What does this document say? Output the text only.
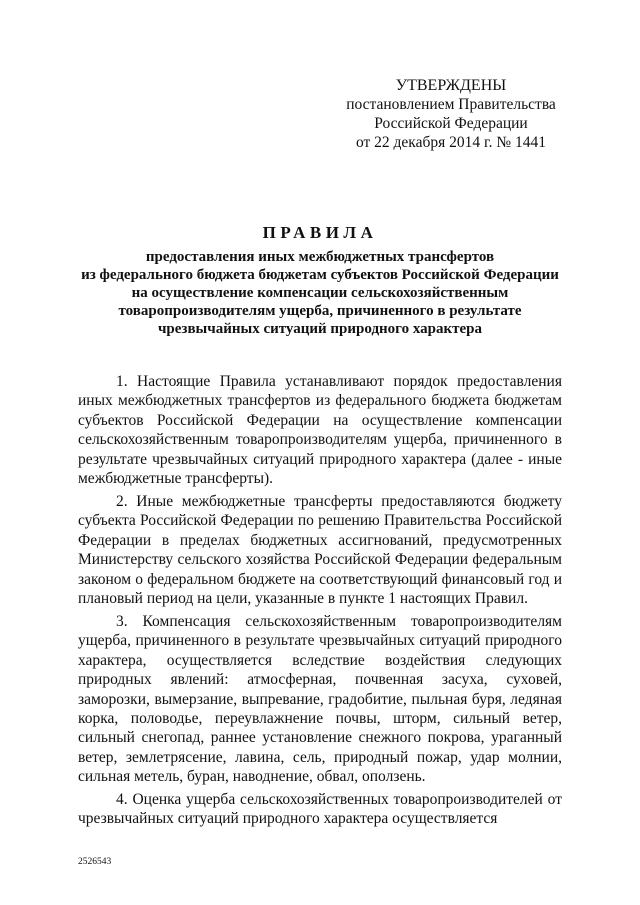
УТВЕРЖДЕНЫ
постановлением Правительства
Российской Федерации
от 22 декабря 2014 г. № 1441
ПРАВИЛА
предоставления иных межбюджетных трансфертов
из федерального бюджета бюджетам субъектов Российской Федерации
на осуществление компенсации сельскохозяйственным
товаропроизводителям ущерба, причиненного в результате
чрезвычайных ситуаций природного характера

1. Настоящие Правила устанавливают порядок предоставления иных межбюджетных трансфертов из федерального бюджета бюджетам субъектов Российской Федерации на осуществление компенсации сельскохозяйственным товаропроизводителям ущерба, причиненного в результате чрезвычайных ситуаций природного характера (далее - иные межбюджетные трансферты).

2. Иные межбюджетные трансферты предоставляются бюджету субъекта Российской Федерации по решению Правительства Российской Федерации в пределах бюджетных ассигнований, предусмотренных Министерству сельского хозяйства Российской Федерации федеральным законом о федеральном бюджете на соответствующий финансовый год и плановый период на цели, указанные в пункте 1 настоящих Правил.

3. Компенсация сельскохозяйственным товаропроизводителям ущерба, причиненного в результате чрезвычайных ситуаций природного характера, осуществляется вследствие воздействия следующих природных явлений: атмосферная, почвенная засуха, суховей, заморозки, вымерзание, выпревание, градобитие, пыльная буря, ледяная корка, половодье, переувлажнение почвы, шторм, сильный ветер, сильный снегопад, раннее установление снежного покрова, ураганный ветер, землетрясение, лавина, сель, природный пожар, удар молнии, сильная метель, буран, наводнение, обвал, оползень.

4. Оценка ущерба сельскохозяйственных товаропроизводителей от чрезвычайных ситуаций природного характера осуществляется

2526543
